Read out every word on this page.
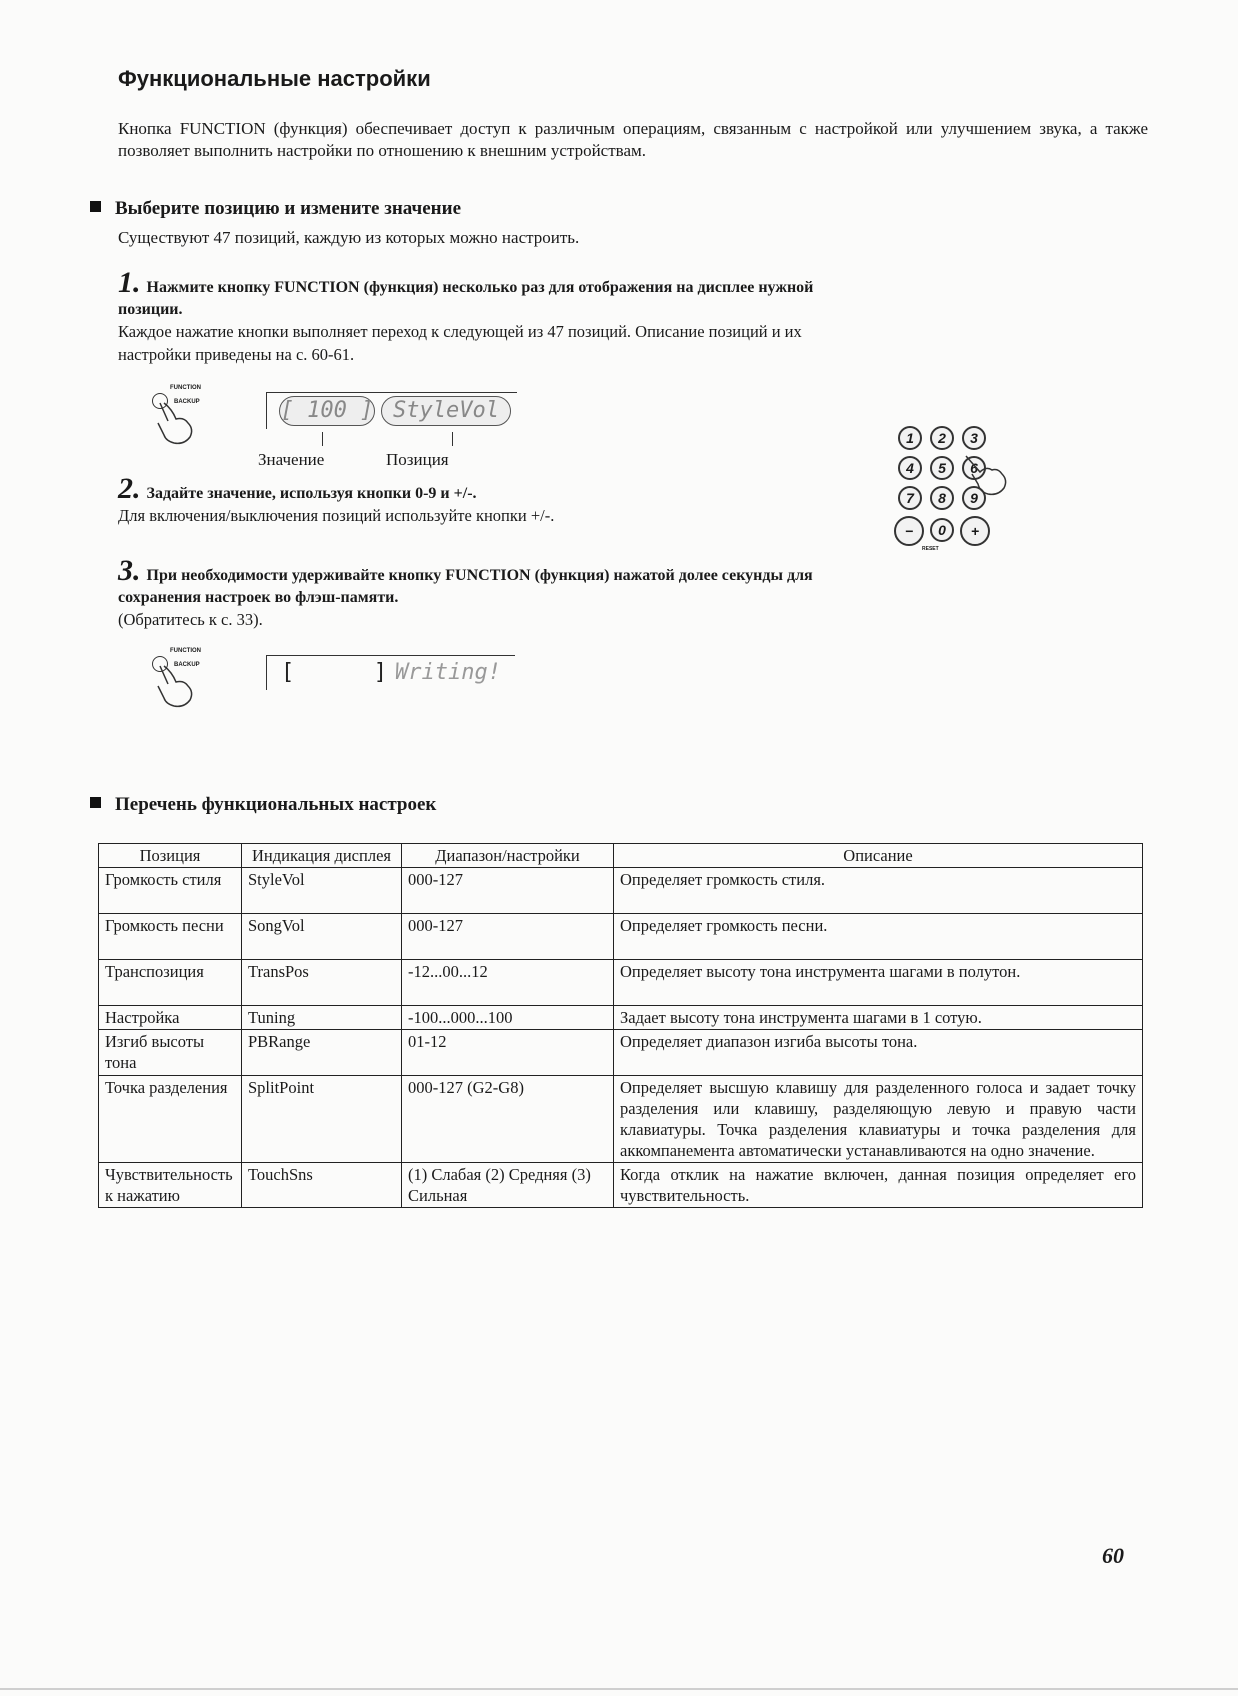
Функциональные настройки
Кнопка FUNCTION (функция) обеспечивает доступ к различным операциям, связанным с настройкой или улучшением звука, а также позволяет выполнить настройки по отношению к внешним устройствам.
Выберите позицию и измените значение
Существуют 47 позиций, каждую из которых можно настроить.
1. Нажмите кнопку FUNCTION (функция) несколько раз для отображения на дисплее нужной позиции.
Каждое нажатие кнопки выполняет переход к следующей из 47 позиций. Описание позиций и их настройки приведены на с. 60-61.
FUNCTION
BACKUP	[ 100 ] StyleVol
Значение	Позиция
2. Задайте значение, используя кнопки 0-9 и +/-.
Для включения/выключения позиций используйте кнопки +/-.
1	2	3
4	5	6
7	8	9
−	0	+
RESET
3. При необходимости удерживайте кнопку FUNCTION (функция) нажатой долее секунды для сохранения настроек во флэш-памяти.
(Обратитесь к с. 33).
FUNCTION
BACKUP	[      ] Writing!
Перечень функциональных настроек
Позиция	Индикация дисплея	Диапазон/настройки	Описание
Громкость стиля	StyleVol	000-127	Определяет громкость стиля.
Громкость песни	SongVol	000-127	Определяет громкость песни.
Транспозиция	TransPos	-12...00...12	Определяет высоту тона инструмента шагами в полутон.
Настройка	Tuning	-100...000...100	Задает высоту тона инструмента шагами в 1 сотую.
Изгиб высоты тона	PBRange	01-12	Определяет диапазон изгиба высоты тона.
Точка разделения	SplitPoint	000-127 (G2-G8)	Определяет высшую клавишу для разделенного голоса и задает точку разделения или клавишу, разделяющую левую и правую части клавиатуры. Точка разделения клавиатуры и точка разделения для аккомпанемента автоматически устанавливаются на одно значение.
Чувствительность к нажатию	TouchSns	(1) Слабая (2) Средняя (3) Сильная	Когда отклик на нажатие включен, данная позиция определяет его чувствительность.
60
